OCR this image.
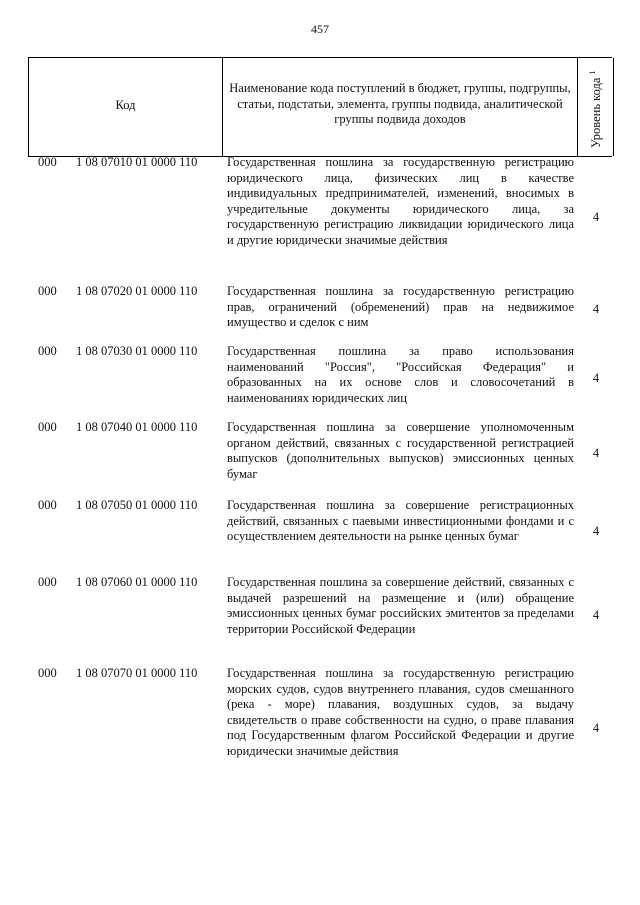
457
Код
Наименование кода поступлений в бюджет, группы, подгруппы, статьи, подстатьи, элемента, группы подвида, аналитической группы подвида доходов	Уровень кода $^1$
000 1 08 07010 01 0000 110 Государственная пошлина за государственную регистрацию юридического лица, физических лиц в качестве индивидуальных предпринимателей, изменений, вносимых в учредительные документы юридического лица, за государственную регистрацию ликвидации юридического лица и другие юридически значимые действия
4
000 1 08 07020 01 0000 110 Государственная пошлина за государственную регистрацию прав, ограничений (обременений) прав на недвижимое имущество и сделок с ним
4
000 1 08 07030 01 0000 110 Государственная пошлина за право использования наименований "Россия", "Российская Федерация" и образованных на их основе слов и словосочетаний в наименованиях юридических лиц
4
000 1 08 07040 01 0000 110 Государственная пошлина за совершение уполномоченным органом действий, связанных с государственной регистрацией выпусков (дополнительных выпусков) эмиссионных ценных бумаг
4
000 1 08 07050 01 0000 110 Государственная пошлина за совершение регистрационных действий, связанных с паевыми инвестиционными фондами и с осуществлением деятельности на рынке ценных бумаг	4
000 1 08 07060 01 0000 110 Государственная пошлина за совершение действий, связанных с выдачей разрешений на размещение и (или) обращение эмиссионных ценных бумаг российских эмитентов за пределами территории Российской Федерации
4
000 1 08 07070 01 0000 110 Государственная пошлина за государственную регистрацию морских судов, судов внутреннего плавания, судов смешанного (река - море) плавания, воздушных судов, за выдачу свидетельств о праве собственности на судно, о праве плавания под Государственным флагом Российской Федерации и другие юридически значимые действия
4
